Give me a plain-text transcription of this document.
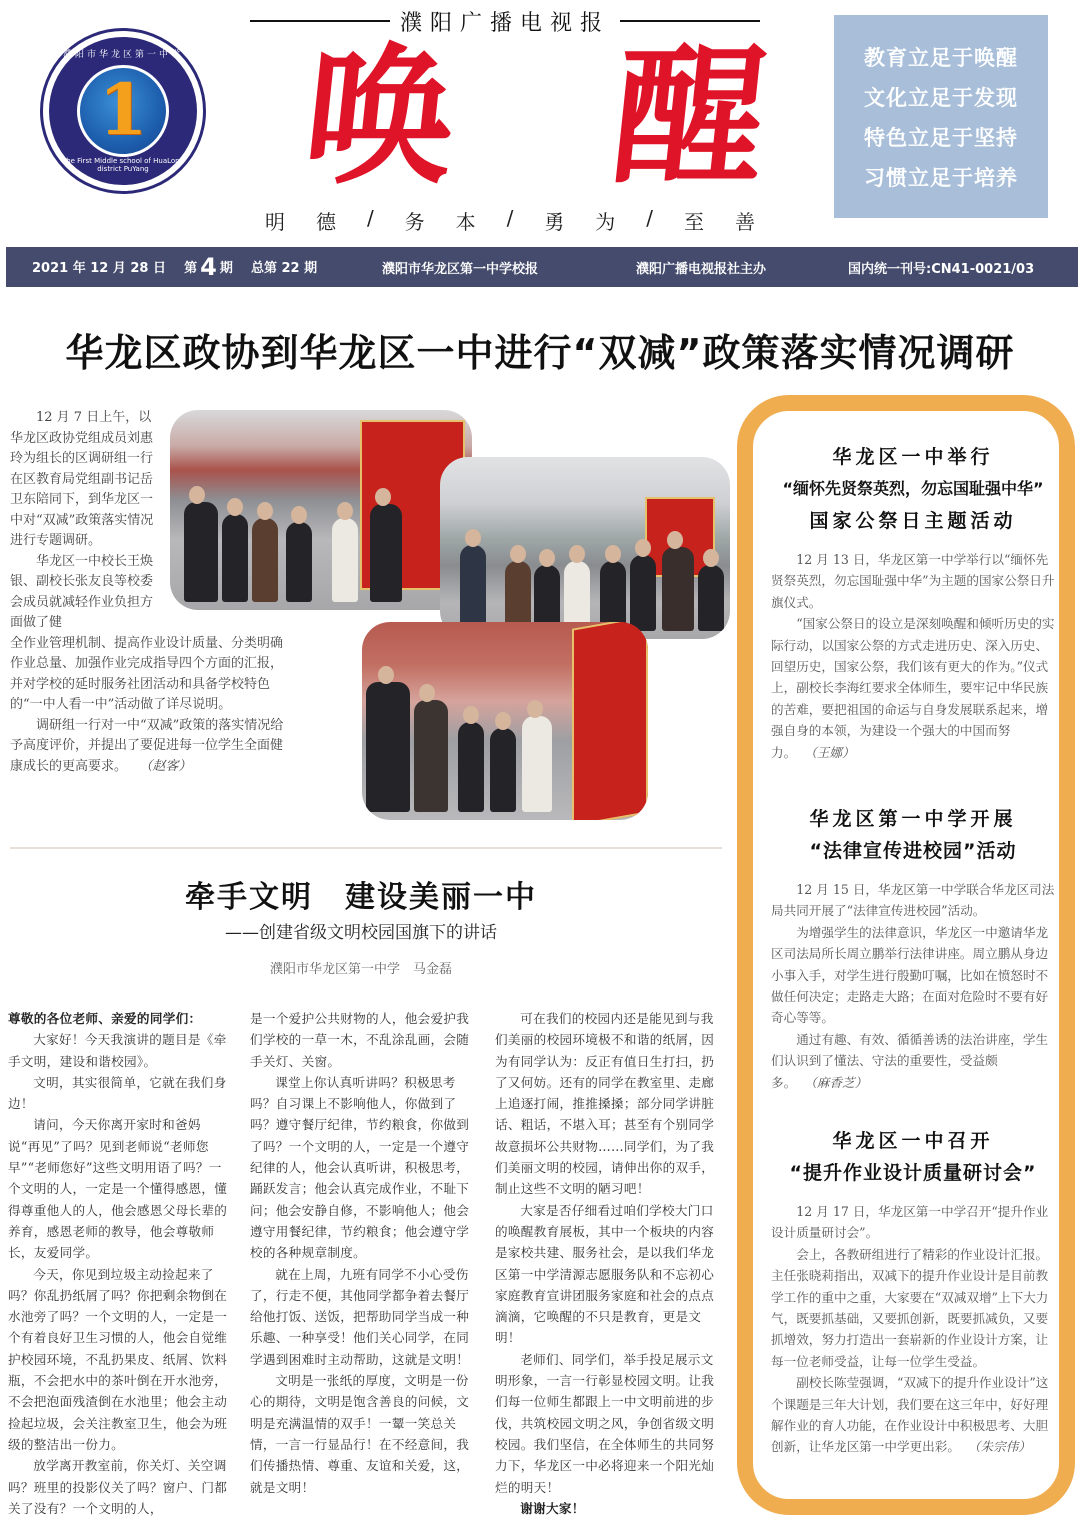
濮阳市华龙区第一中学
The First Middle school of HuaLong district PuYang
1
濮阳广播电视报
唤 醒
明 德 / 务 本 / 勇 为 / 至 善
教育立足于唤醒
文化立足于发现
特色立足于坚持
习惯立足于培养
2021 年 12 月 28 日 第 4 期 总第 22 期	濮阳市华龙区第一中学校报	濮阳广播电视报社主办	国内统一刊号:CN41-0021/03
华龙区政协到华龙区一中进行“双减”政策落实情况调研

12 月 7 日上午，以华龙区政协党组成员刘惠玲为组长的区调研组一行在区教育局党组副书记岳卫东陪同下，到华龙区一中对“双减”政策落实情况进行专题调研。

华龙区一中校长王焕银、副校长张友良等校委会成员就减轻作业负担方面做了健

全作业管理机制、提高作业设计质量、分类明确作业总量、加强作业完成指导四个方面的汇报，并对学校的延时服务社团活动和具备学校特色的“一中人看一中”活动做了详尽说明。

调研组一行对一中“双减”政策的落实情况给予高度评价，并提出了要促进每一位学生全面健康成长的更高要求。 （赵客）

牵手文明　建设美丽一中
——创建省级文明校园国旗下的讲话
濮阳市华龙区第一中学　马金磊

尊敬的各位老师、亲爱的同学们：

大家好！今天我演讲的题目是《牵手文明，建设和谐校园》。

文明，其实很简单，它就在我们身边！

请问，今天你离开家时和爸妈说“再见”了吗？见到老师说“老师您早”“老师您好”这些文明用语了吗？一个文明的人，一定是一个懂得感恩，懂得尊重他人的人，他会感恩父母长辈的养育，感恩老师的教导，他会尊敬师长，友爱同学。

今天，你见到垃圾主动捡起来了吗？你乱扔纸屑了吗？你把剩余物倒在水池旁了吗？一个文明的人，一定是一个有着良好卫生习惯的人，他会自觉维护校园环境，不乱扔果皮、纸屑、饮料瓶，不会把水中的茶叶倒在开水池旁，不会把泡面残渣倒在水池里；他会主动捡起垃圾，会关注教室卫生，他会为班级的整洁出一份力。

放学离开教室前，你关灯、关空调吗？班里的投影仪关了吗？窗户、门都关了没有？一个文明的人，

是一个爱护公共财物的人，他会爱护我们学校的一草一木，不乱涂乱画，会随手关灯、关窗。

课堂上你认真听讲吗？积极思考吗？自习课上不影响他人，你做到了吗？遵守餐厅纪律，节约粮食，你做到了吗？一个文明的人，一定是一个遵守纪律的人，他会认真听讲，积极思考，踊跃发言；他会认真完成作业，不耻下问；他会安静自修，不影响他人；他会遵守用餐纪律，节约粮食；他会遵守学校的各种规章制度。

就在上周，九班有同学不小心受伤了，行走不便，其他同学都争着去餐厅给他打饭、送饭，把帮助同学当成一种乐趣、一种享受！他们关心同学，在同学遇到困难时主动帮助，这就是文明！

文明是一张纸的厚度，文明是一份心的期待，文明是饱含善良的问候，文明是充满温情的双手！一颦一笑总关情，一言一行显品行！在不经意间，我们传播热情、尊重、友谊和关爱，这，就是文明！

可在我们的校园内还是能见到与我们美丽的校园环境极不和谐的纸屑，因为有同学认为：反正有值日生打扫，扔了又何妨。还有的同学在教室里、走廊上追逐打闹，推推搡搡；部分同学讲脏话、粗话，不堪入耳；甚至有个别同学故意损坏公共财物……同学们，为了我们美丽文明的校园，请伸出你的双手，制止这些不文明的陋习吧！

大家是否仔细看过咱们学校大门口的唤醒教育展板，其中一个板块的内容是家校共建、服务社会，是以我们华龙区第一中学清源志愿服务队和不忘初心家庭教育宣讲团服务家庭和社会的点点滴滴，它唤醒的不只是教育，更是文明！

老师们、同学们，举手投足展示文明形象，一言一行彰显校园文明。让我们每一位师生都跟上一中文明前进的步伐，共筑校园文明之风，争创省级文明校园。我们坚信，在全体师生的共同努力下，华龙区一中必将迎来一个阳光灿烂的明天！

谢谢大家！

华龙区一中举行
“缅怀先贤祭英烈，勿忘国耻强中华”
国家公祭日主题活动

12 月 13 日，华龙区第一中学举行以“缅怀先贤祭英烈，勿忘国耻强中华”为主题的国家公祭日升旗仪式。

“国家公祭日的设立是深刻唤醒和倾听历史的实际行动，以国家公祭的方式走进历史、深入历史、回望历史，国家公祭，我们该有更大的作为。”仪式上，副校长李海红要求全体师生，要牢记中华民族的苦难，要把祖国的命运与自身发展联系起来，增强自身的本领，为建设一个强大的中国而努力。 （王娜）

华龙区第一中学开展
“法律宣传进校园”活动

12 月 15 日，华龙区第一中学联合华龙区司法局共同开展了“法律宣传进校园”活动。

为增强学生的法律意识，华龙区一中邀请华龙区司法局所长周立鹏举行法律讲座。周立鹏从身边小事入手，对学生进行殷勤叮嘱，比如在愤怒时不做任何决定；走路走大路；在面对危险时不要有好奇心等等。

通过有趣、有效、循循善诱的法治讲座，学生们认识到了懂法、守法的重要性，受益颇多。 （麻香芝）

华龙区一中召开
“提升作业设计质量研讨会”

12 月 17 日，华龙区第一中学召开“提升作业设计质量研讨会”。

会上，各教研组进行了精彩的作业设计汇报。主任张晓莉指出，双减下的提升作业设计是目前教学工作的重中之重，大家要在“双减双增”上下大力气，既要抓基础，又要抓创新，既要抓减负，又要抓增效，努力打造出一套崭新的作业设计方案，让每一位老师受益，让每一位学生受益。

副校长陈莹强调，“双减下的提升作业设计”这个课题是三年大计划，我们要在这三年中，好好理解作业的育人功能，在作业设计中积极思考、大胆创新，让华龙区第一中学更出彩。 （朱宗伟）
